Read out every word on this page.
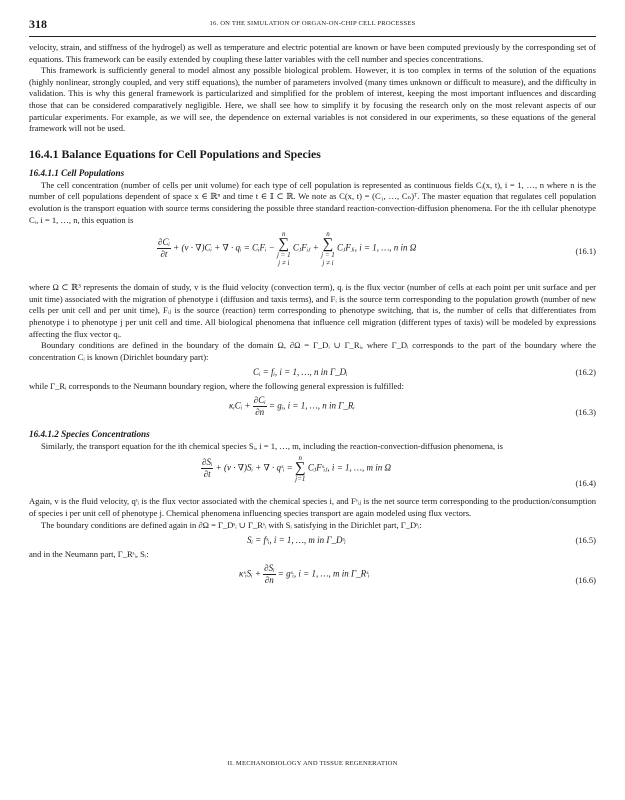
318	16. ON THE SIMULATION OF ORGAN-ON-CHIP CELL PROCESSES

velocity, strain, and stiffness of the hydrogel) as well as temperature and electric potential are known or have been computed previously by the corresponding set of equations. This framework can be easily extended by coupling these latter variables with the cell number and species concentrations.

This framework is sufficiently general to model almost any possible biological problem. However, it is too complex in terms of the solution of the equations (highly nonlinear, strongly coupled, and very stiff equations), the number of parameters involved (many times unknown or difficult to measure), and the difficulty in validation. This is why this general framework is particularized and simplified for the problem of interest, keeping the most important influences and discarding those that can be considered comparatively negligible. Here, we shall see how to simplify it by focusing the research only on the most relevant aspects of our particular experiments. For example, as we will see, the dependence on external variables is not considered in our experiments, so these equations of the general framework will not be used.

16.4.1 Balance Equations for Cell Populations and Species
16.4.1.1 Cell Populations

The cell concentration (number of cells per unit volume) for each type of cell population is represented as continuous fields Cᵢ(x, t), i = 1, …, n where n is the number of cell populations dependent of space x ∈ ℝⁿ and time t ∈ 𝕀 ⊂ ℝ. We note as C(x, t) = (C₁, …, Cₙ)ᵀ. The master equation that regulates cell population evolution is the transport equation with source terms considering the possible three standard reaction-convection-diffusion phenomena. For the ith cellular phenotype Cᵢ, i = 1, …, n, this equation is

$\frac{\text{∂Cᵢ}}{\partial t} + (v$ · ∇)Cᵢ + ∇ · qᵢ = CᵢFᵢ −
n
∑
j = 1
j ≠ i
CⱼFᵢⱼ +
n
∑
j = 1
j ≠ i
CⱼFⱼᵢ, i = 1, …, n in Ω	(16.1)

where Ω ⊂ ℝ³ represents the domain of study, v is the fluid velocity (convection term), qᵢ is the flux vector (number of cells at each point per unit surface and per unit time) associated with the migration of phenotype i (diffusion and taxis terms), and Fᵢ is the source term corresponding to the population growth (number of new cells per unit cell and per unit time), Fᵢⱼ is the source (reaction) term corresponding to phenotype switching, that is, the number of cells that differentiates from phenotype i to phenotype j per unit cell and time. All biological phenomena that influence cell migration (different types of taxis) will be modeled by expressions affecting the flux vector qᵢ.

Boundary conditions are defined in the boundary of the domain Ω, ∂Ω = Γ_Dᵢ ∪ Γ_Rᵢ, where Γ_Dᵢ corresponds to the part of the boundary where the concentration Cᵢ is known (Dirichlet boundary part):

Cᵢ = fᵢ, i = 1, …, n in Γ_Dᵢ	(16.2)

while Γ_Rᵢ corresponds to the Neumann boundary region, where the following general expression is fulfilled:

κᵢCᵢ + $\frac{\text{∂Cᵢ}}{\partial n}$ = gᵢ, i = 1, …, n in Γ_Rᵢ
(16.3)
16.4.1.2 Species Concentrations

Similarly, the transport equation for the ith chemical species Sᵢ, i = 1, …, m, including the reaction-convection-diffusion phenomena, is

$\frac{\text{∂Sᵢ}}{\partial t} + (v$ · ∇)Sᵢ + ∇ · qˢᵢ =
n
∑
j=1
CⱼFˢᵢⱼ, i = 1, …, m in Ω
(16.4)

Again, v is the fluid velocity, qˢᵢ is the flux vector associated with the chemical species i, and Fˢᵢⱼ is the net source term corresponding to the production/consumption of species i per unit cell of phenotype j. Chemical phenomena influencing species transport are again modeled using flux vectors.

The boundary conditions are defined again in ∂Ω = Γ_Dˢᵢ ∪ Γ_Rˢᵢ with Sᵢ satisfying in the Dirichlet part, Γ_Dˢᵢ:

Sᵢ = fˢᵢ, i = 1, …, m in Γ_Dˢᵢ	(16.5)

and in the Neumann part, Γ_Rˢᵢ, Sᵢ:

κˢᵢSᵢ + $\frac{\text{∂Sᵢ}}{\partial n}$ = gˢᵢ, i = 1, …, m in Γ_Rˢᵢ
(16.6)
II. MECHANOBIOLOGY AND TISSUE REGENERATION
